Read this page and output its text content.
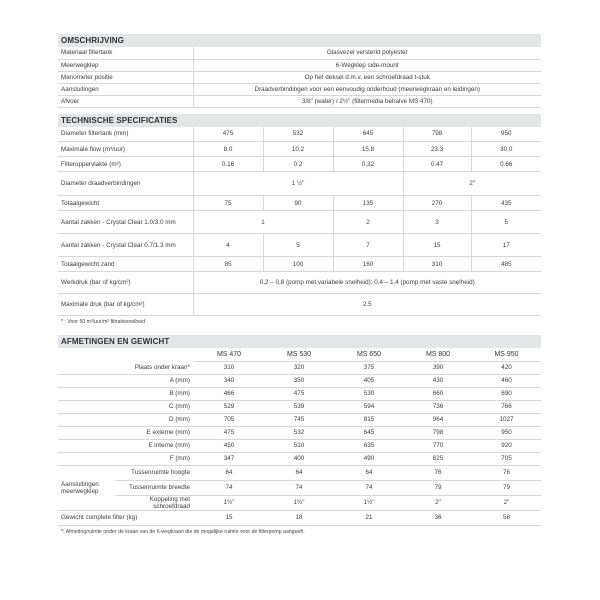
OMSCHRIJVING
Materiaal filtertank	Glasvezel versterkt polyester
Meerwegklep	6-Wegklep side-mount
Manometer positie	Op het deksel d.m.v. een schroefdraad t-stuk
Aansluitingen	Draadverbindingen voor een eenvoudig onderhoud (meerwegkraan en leidingen)
Afvoer	3/8" (water) / 2½" (filtermedia behalve MS 470)
TECHNISCHE SPECIFICATIES
Diameter filtertank (mm)	475	532	645	798	950
Maximale flow (m³/uur)	8.0	10.2	15.8	23.3	30.0
Filteroppervlakte (m²)	0.16	0.2	0.32	0.47	0.66
Diameter draadverbindingen	1 ½"			2"	
Totaalgewicht	75	90	135	270	435
Aantal zakken - Crystal Clear 1.0/3.0 mm	1		2	3	5
Aantal zakken - Crystal Clear 0.7/1.3 mm	4	5	7	15	17
Totaalgewicht zand	85	100	160	310	485
Werkdruk (bar of kg/cm²)	0,2 – 0,8 (pomp met variabele snelheid); 0,4 – 1,4 (pomp met vaste snelheid)				
Maximale druk (bar of kg/cm²)	2.5				
* : Voor 50 m³/uur/m² filtratiesnelheid
AFMETINGEN EN GEWICHT
		MS 470	MS 530	MS 650	MS 800	MS 950
Plaats onder kraan*		310	320	375	390	420
A (mm)		340	350	405	430	460
B (mm)		466	475	530	660	690
C (mm)		529	539	594	736	766
D (mm)		705	745	815	964	1027
E externe (mm)		475	532	645	798	950
E interne (mm)		450	510	635	770	920
F (mm)		347	400	490	625	705
Aansluitingen meerwegklep	Tussenruimte hoogte	64	64	64	76	76
	Tussenruimte breedte	74	74	74	79	79
	Koppeling met schroefdraad	1½"	1½"	1½"	2"	2"
Gewicht complete filter (kg)		15	18	21	36	58
*: Afmeting/ruimte onder de kraan van de 6-wegkraan die de mogelijke ruimte voor de filterpomp aangeeft.
